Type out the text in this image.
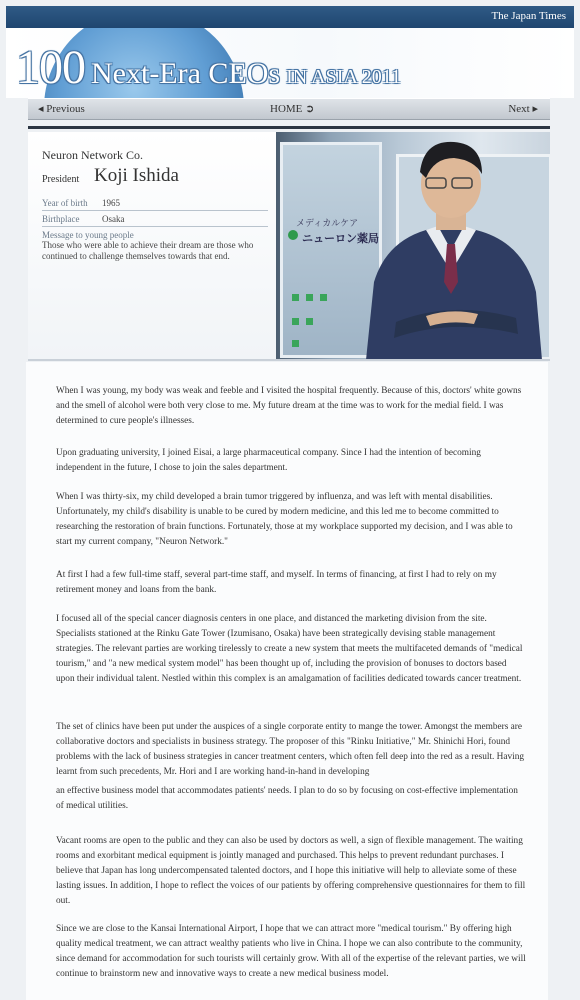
The Japan Times
100 Next-Era CEOs IN ASIA 2011
◂ Previous	HOME ➲	Next ▸
Neuron Network Co.
President Koji Ishida
Year of birth 1965
Birthplace	Osaka
Message to young people
Those who were able to achieve their dream are those who continued to challenge themselves towards that end.
メディカルケア
ニューロン薬局

When I was young, my body was weak and feeble and I visited the hospital frequently. Because of this, doctors' white gowns and the smell of alcohol were both very close to me. My future dream at the time was to work for the medial field. I was determined to cure people's illnesses.

Upon graduating university, I joined Eisai, a large pharmaceutical company. Since I had the intention of becoming independent in the future, I chose to join the sales department.

When I was thirty-six, my child developed a brain tumor triggered by influenza, and was left with mental disabilities. Unfortunately, my child's disability is unable to be cured by modern medicine, and this led me to become committed to researching the restoration of brain functions. Fortunately, those at my workplace supported my decision, and I was able to start my current company, "Neuron Network."

At first I had a few full-time staff, several part-time staff, and myself. In terms of financing, at first I had to rely on my retirement money and loans from the bank.

I focused all of the special cancer diagnosis centers in one place, and distanced the marketing division from the site. Specialists stationed at the Rinku Gate Tower (Izumisano, Osaka) have been strategically devising stable management strategies. The relevant parties are working tirelessly to create a new system that meets the multifaceted demands of "medical tourism," and "a new medical system model" has been thought up of, including the provision of bonuses to doctors based upon their individual talent. Nestled within this complex is an amalgamation of facilities dedicated towards cancer treatment.

The set of clinics have been put under the auspices of a single corporate entity to mange the tower. Amongst the members are collaborative doctors and specialists in business strategy. The proposer of this "Rinku Initiative," Mr. Shinichi Hori, found problems with the lack of business strategies in cancer treatment centers, which often fell deep into the red as a result. Having learnt from such precedents, Mr. Hori and I are working hand-in-hand in developing

an effective business model that accommodates patients' needs. I plan to do so by focusing on cost-effective implementation of medical utilities.

Vacant rooms are open to the public and they can also be used by doctors as well, a sign of flexible management. The waiting rooms and exorbitant medical equipment is jointly managed and purchased. This helps to prevent redundant purchases. I believe that Japan has long undercompensated talented doctors, and I hope this initiative will help to alleviate some of these lasting issues. In addition, I hope to reflect the voices of our patients by offering comprehensive questionnaires for them to fill out.

Since we are close to the Kansai International Airport, I hope that we can attract more "medical tourism." By offering high quality medical treatment, we can attract wealthy patients who live in China. I hope we can also contribute to the community, since demand for accommodation for such tourists will certainly grow. With all of the expertise of the relevant parties, we will continue to brainstorm new and innovative ways to create a new medical business model.
